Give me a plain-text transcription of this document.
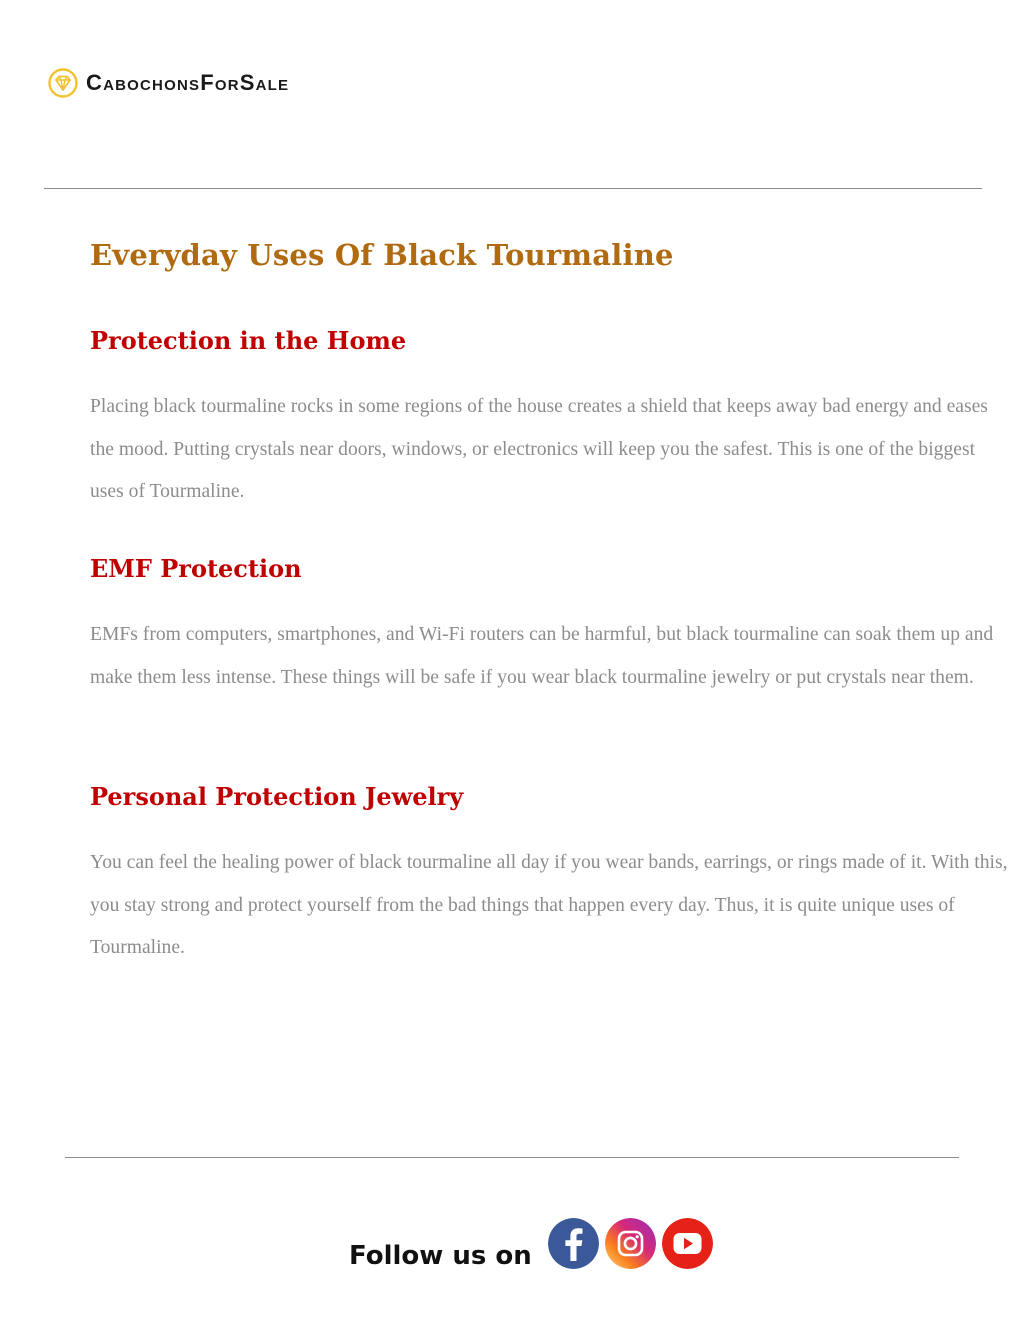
CabochonsForSale
Everyday Uses Of Black Tourmaline
Protection in the Home

Placing black tourmaline rocks in some regions of the house creates a shield that keeps away bad energy and eases the mood. Putting crystals near doors, windows, or electronics will keep you the safest. This is one of the biggest uses of Tourmaline.

EMF Protection

EMFs from computers, smartphones, and Wi-Fi routers can be harmful, but black tourmaline can soak them up and make them less intense. These things will be safe if you wear black tourmaline jewelry or put crystals near them.

Personal Protection Jewelry

You can feel the healing power of black tourmaline all day if you wear bands, earrings, or rings made of it. With this, you stay strong and protect yourself from the bad things that happen every day. Thus, it is quite unique uses of Tourmaline.

Follow us on
